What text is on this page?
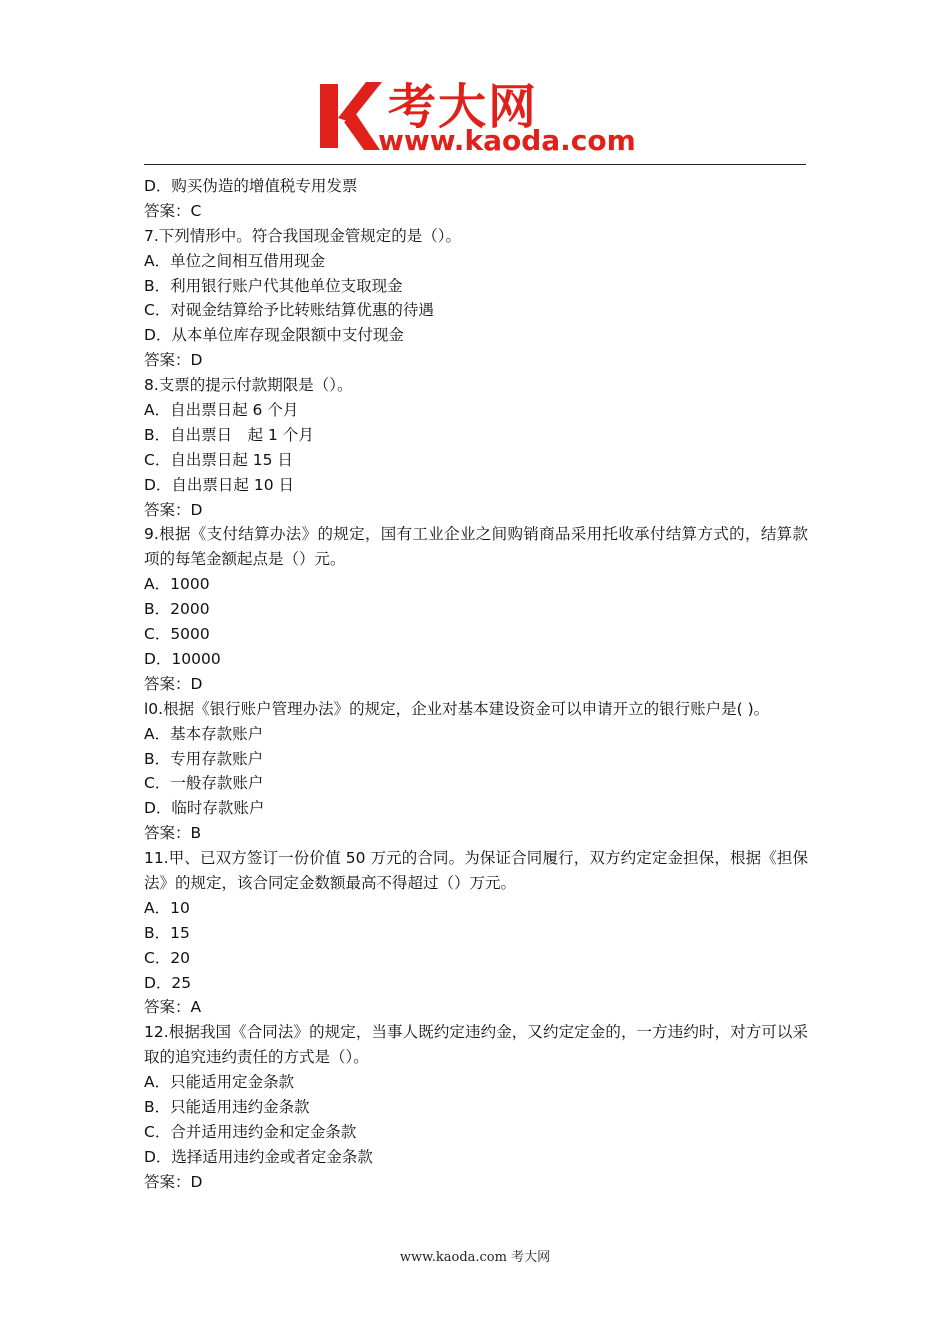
考大网
www.kaoda.com
D．购买伪造的增值税专用发票
答案：C
7.下列情形中。符合我国现金管规定的是（）。
A．单位之间相互借用现金
B．利用银行账户代其他单位支取现金
C．对砚金结算给予比转账结算优惠的待遇
D．从本单位库存现金限额中支付现金
答案：D
8.支票的提示付款期限是（）。
A．自出票日起 6 个月
B．自出票日　起 1 个月
C．自出票日起 15 日
D．自出票日起 10 日
答案：D
9.根据《支付结算办法》的规定，国有工业企业之间购销商品采用托收承付结算方式的，结算款项的每笔金额起点是（）元。
A．1000
B．2000
C．5000
D．10000
答案：D
l0.根据《银行账户管理办法》的规定，企业对基本建设资金可以申请开立的银行账户是( )。
A．基本存款账户
B．专用存款账户
C．一般存款账户
D．临时存款账户
答案：B
11.甲、已双方签订一份价值 50 万元的合同。为保证合同履行，双方约定定金担保，根据《担保法》的规定，该合同定金数额最高不得超过（）万元。
A．10
B．15
C．20
D．25
答案：A
12.根据我国《合同法》的规定，当事人既约定违约金，又约定定金的，一方违约时，对方可以采取的追究违约责任的方式是（）。
A．只能适用定金条款
B．只能适用违约金条款
C．合并适用违约金和定金条款
D．选择适用违约金或者定金条款
答案：D
www.kaoda.com 考大网
